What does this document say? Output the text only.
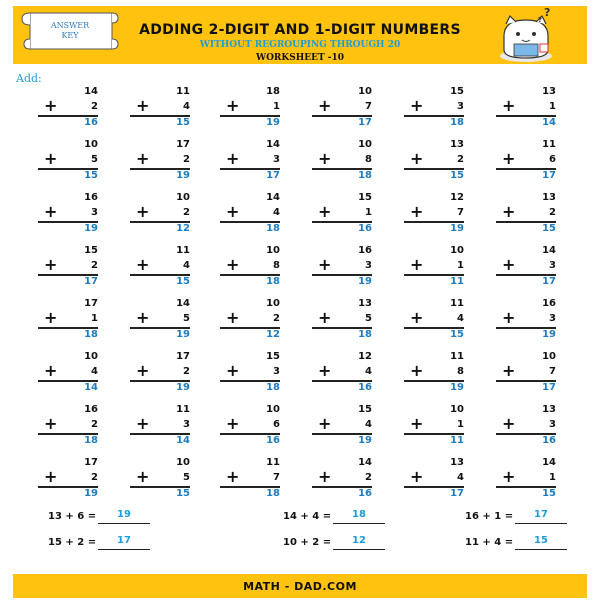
ANSWER
KEY	ADDING 2-DIGIT AND 1-DIGIT NUMBERS
WITHOUT REGROUPING THROUGH 20
WORKSHEET -10
?
?
Add:
14
+	2
16
11
+	4
15
18
+	1
19
10
+	7
17
15
+	3
18
13
+	1
14
10
+	5
15
17
+	2
19
14
+	3
17
10
+	8
18
13
+	2
15
11
+	6
17
16
+	3
19
10
+	2
12
14
+	4
18
15
+	1
16
12
+	7
19
13
+	2
15
15
+	2
17
11
+	4
15
10
+	8
18
16
+	3
19
10
+	1
11
14
+	3
17
17
+	1
18
14
+	5
19
10
+	2
12
13
+	5
18
11
+	4
15
16
+	3
19
10
+	4
14
17
+	2
19
15
+	3
18
12
+	4
16
11
+	8
19
10
+	7
17
16
+	2
18
11
+	3
14
10
+	6
16
15
+	4
19
10
+	1
11
13
+	3
16
17
+	2
19
10
+	5
15
11
+	7
18
14
+	2
16
13
+	4
17
14
+	1
15
13 + 6 =	19	14 + 4 =	18	16 + 1 =	17
15 + 2 =	17	10 + 2 =	12	11 + 4 =	15
MATH - DAD.COM
